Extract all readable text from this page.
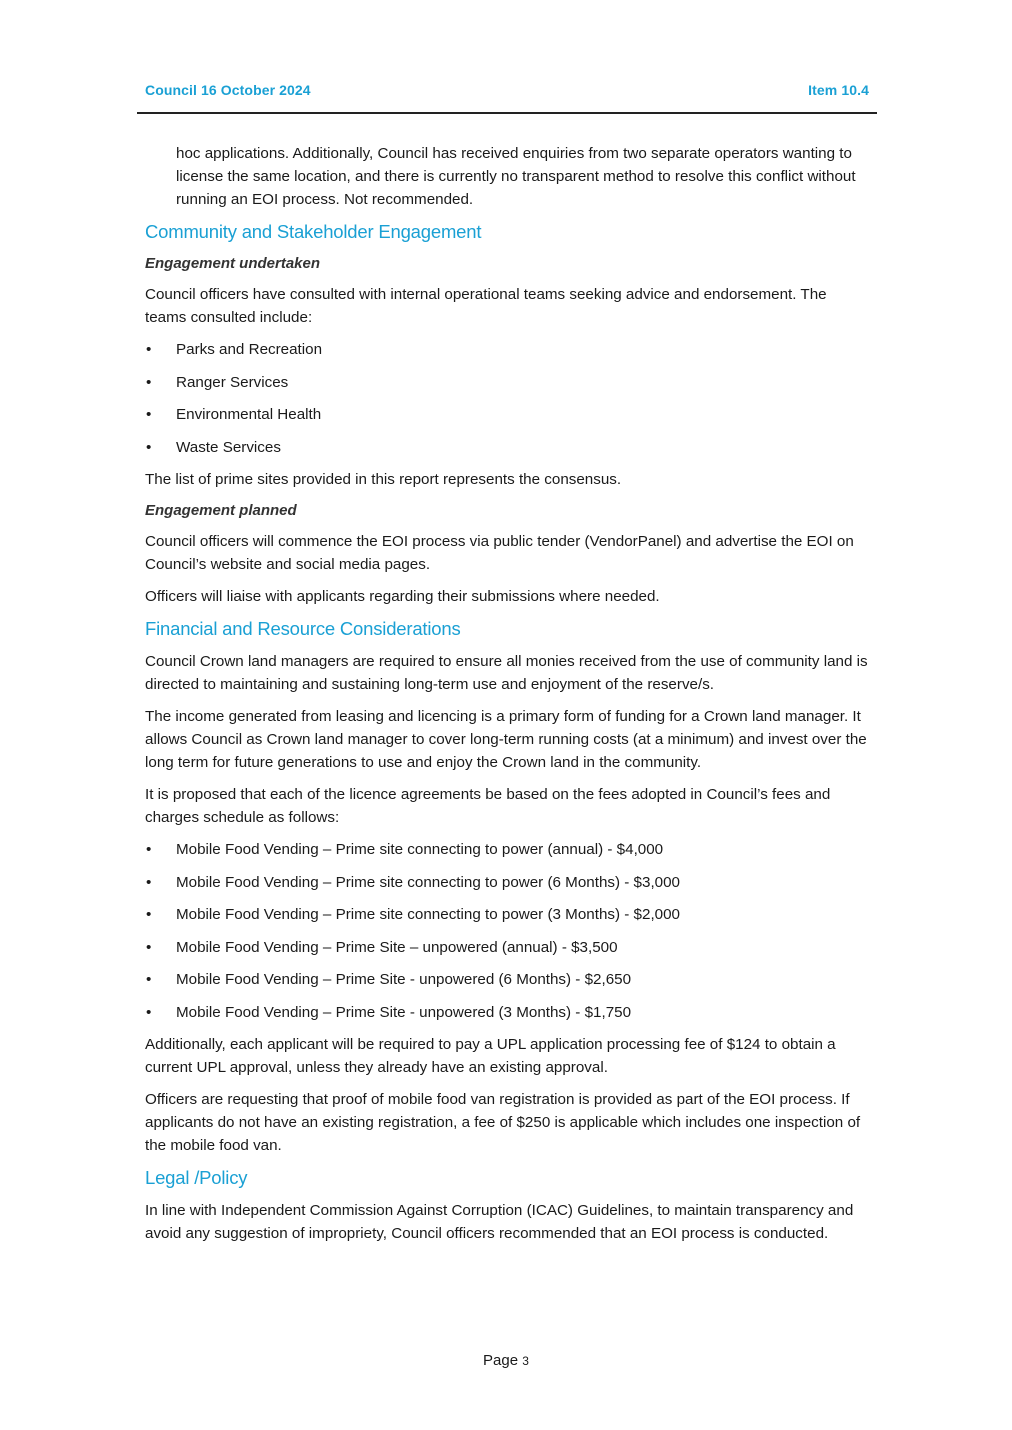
Council 16 October 2024	Item 10.4

hoc applications. Additionally, Council has received enquiries from two separate operators wanting to license the same location, and there is currently no transparent method to resolve this conflict without running an EOI process. Not recommended.

Community and Stakeholder Engagement
Engagement undertaken

Council officers have consulted with internal operational teams seeking advice and endorsement. The teams consulted include:

• Parks and Recreation
• Ranger Services
• Environmental Health
• Waste Services

The list of prime sites provided in this report represents the consensus.

Engagement planned

Council officers will commence the EOI process via public tender (VendorPanel) and advertise the EOI on Council’s website and social media pages.

Officers will liaise with applicants regarding their submissions where needed.

Financial and Resource Considerations

Council Crown land managers are required to ensure all monies received from the use of community land is directed to maintaining and sustaining long-term use and enjoyment of the reserve/s.

The income generated from leasing and licencing is a primary form of funding for a Crown land manager. It allows Council as Crown land manager to cover long-term running costs (at a minimum) and invest over the long term for future generations to use and enjoy the Crown land in the community.

It is proposed that each of the licence agreements be based on the fees adopted in Council’s fees and charges schedule as follows:

• Mobile Food Vending – Prime site connecting to power (annual) - $4,000
• Mobile Food Vending – Prime site connecting to power (6 Months) - $3,000
• Mobile Food Vending – Prime site connecting to power (3 Months) - $2,000
• Mobile Food Vending – Prime Site – unpowered (annual) - $3,500
• Mobile Food Vending – Prime Site - unpowered (6 Months) - $2,650
• Mobile Food Vending – Prime Site - unpowered (3 Months) - $1,750

Additionally, each applicant will be required to pay a UPL application processing fee of $124 to obtain a current UPL approval, unless they already have an existing approval.

Officers are requesting that proof of mobile food van registration is provided as part of the EOI process. If applicants do not have an existing registration, a fee of $250 is applicable which includes one inspection of the mobile food van.

Legal /Policy

In line with Independent Commission Against Corruption (ICAC) Guidelines, to maintain transparency and avoid any suggestion of impropriety, Council officers recommended that an EOI process is conducted.

Page 3
